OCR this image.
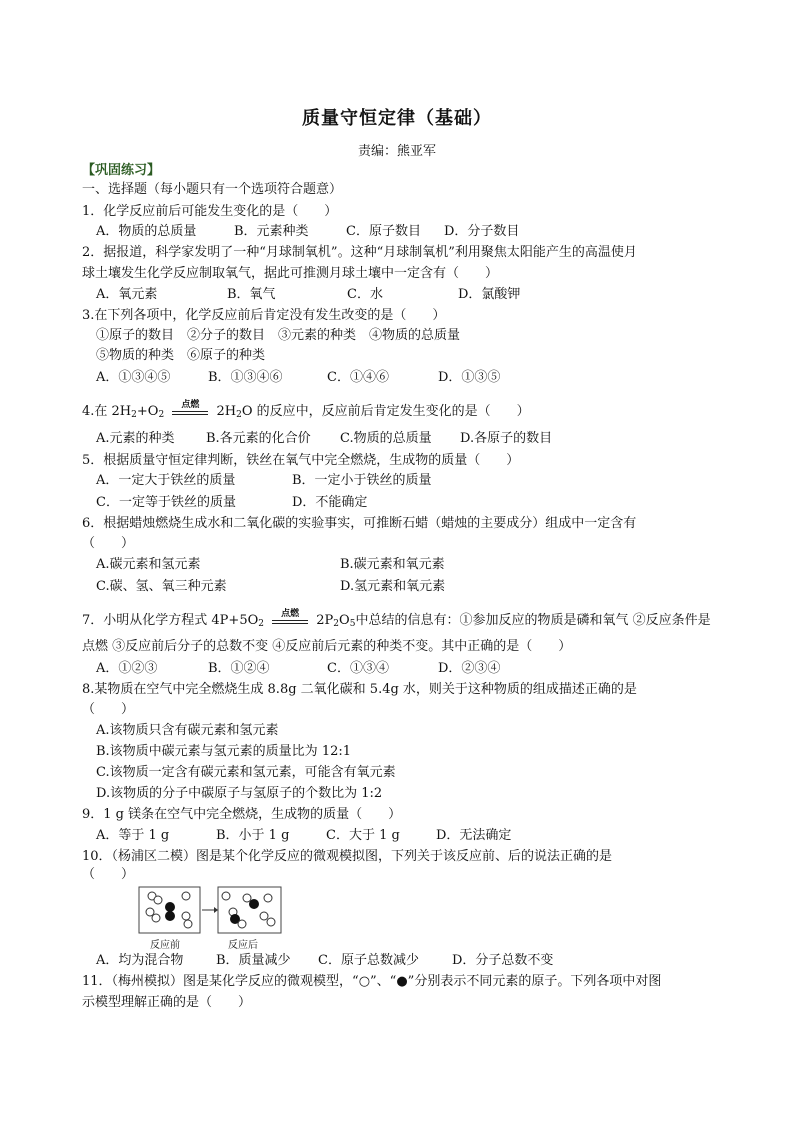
质量守恒定律（基础）
责编：熊亚军
【巩固练习】
一、选择题（每小题只有一个选项符合题意）
1．化学反应前后可能发生变化的是（　　）
A．物质的总质量	B．元素种类	C．原子数目 D．分子数目
2．据报道，科学家发明了一种“月球制氧机”。这种“月球制氧机”利用聚焦太阳能产生的高温使月
球土壤发生化学反应制取氧气，据此可推测月球土壤中一定含有（　　）
A．氧元素	B．氧气	C．水	D．氯酸钾
3.在下列各项中，化学反应前后肯定没有发生改变的是（　　）
①原子的数目　②分子的数目　③元素的种类　④物质的总质量
⑤物质的种类　⑥原子的种类
A．①③④⑤	B．①③④⑥	C．①④⑥	D．①③⑤
4.在 $2H_2+O_2$
点燃	$2H_2O$ 的反应中，反应前后肯定发生变化的是（　　）
A.元素的种类 B.各元素的化合价 C.物质的总质量 D.各原子的数目
5．根据质量守恒定律判断，铁丝在氧气中完全燃烧，生成物的质量（　　）
A．一定大于铁丝的质量	B．一定小于铁丝的质量
C．一定等于铁丝的质量	D．不能确定
6．根据蜡烛燃烧生成水和二氧化碳的实验事实，可推断石蜡（蜡烛的主要成分）组成中一定含有
（　　）
A.碳元素和氢元素	B.碳元素和氧元素
C.碳、氢、氧三种元素	D.氢元素和氧元素
7．小明从化学方程式 $4P+5O_2$
点燃	$2P_2O_5$中总结的信息有：①参加反应的物质是磷和氧气 ②反应条件是
点燃 ③反应前后分子的总数不变 ④反应前后元素的种类不变。其中正确的是（　　）
A．①②③	B．①②④	C．①③④	D．②③④
8.某物质在空气中完全燃烧生成 8.8g 二氧化碳和 5.4g 水，则关于这种物质的组成描述正确的是
（　　）
A.该物质只含有碳元素和氢元素
B.该物质中碳元素与氢元素的质量比为 12:1
C.该物质一定含有碳元素和氢元素，可能含有氧元素
D.该物质的分子中碳原子与氢原子的个数比为 1:2
9．1 g 镁条在空气中完全燃烧，生成物的质量（　　）
A．等于 1 g	B．小于 1 g	C．大于 1 g	D．无法确定
10．（杨浦区二模）图是某个化学反应的微观模拟图，下列关于该反应前、后的说法正确的是
（　　）
反应前	反应后
A．均为混合物	B．质量减少 C．原子总数减少	D．分子总数不变
11．（梅州模拟）图是某化学反应的微观模型，“○”、“●”分别表示不同元素的原子。下列各项中对图
示模型理解正确的是（　　）
